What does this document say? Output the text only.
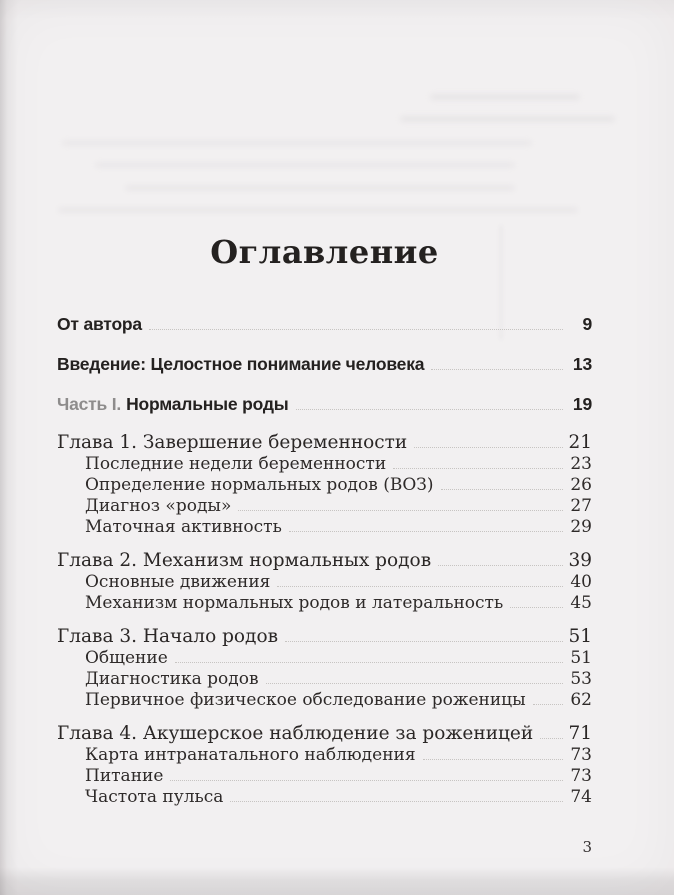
Оглавление
От автора	9
Введение: Целостное понимание человека	13
Часть I. Нормальные роды	19
Глава 1. Завершение беременности	21
Последние недели беременности	23
Определение нормальных родов (ВОЗ)	26
Диагноз «роды»	27
Маточная активность	29
Глава 2. Механизм нормальных родов	39
Основные движения	40
Механизм нормальных родов и латеральность	45
Глава 3. Начало родов	51
Общение	51
Диагностика родов	53
Первичное физическое обследование роженицы	62
Глава 4. Акушерское наблюдение за роженицей 71
Карта интранатального наблюдения	73
Питание	73
Частота пульса	74
3
